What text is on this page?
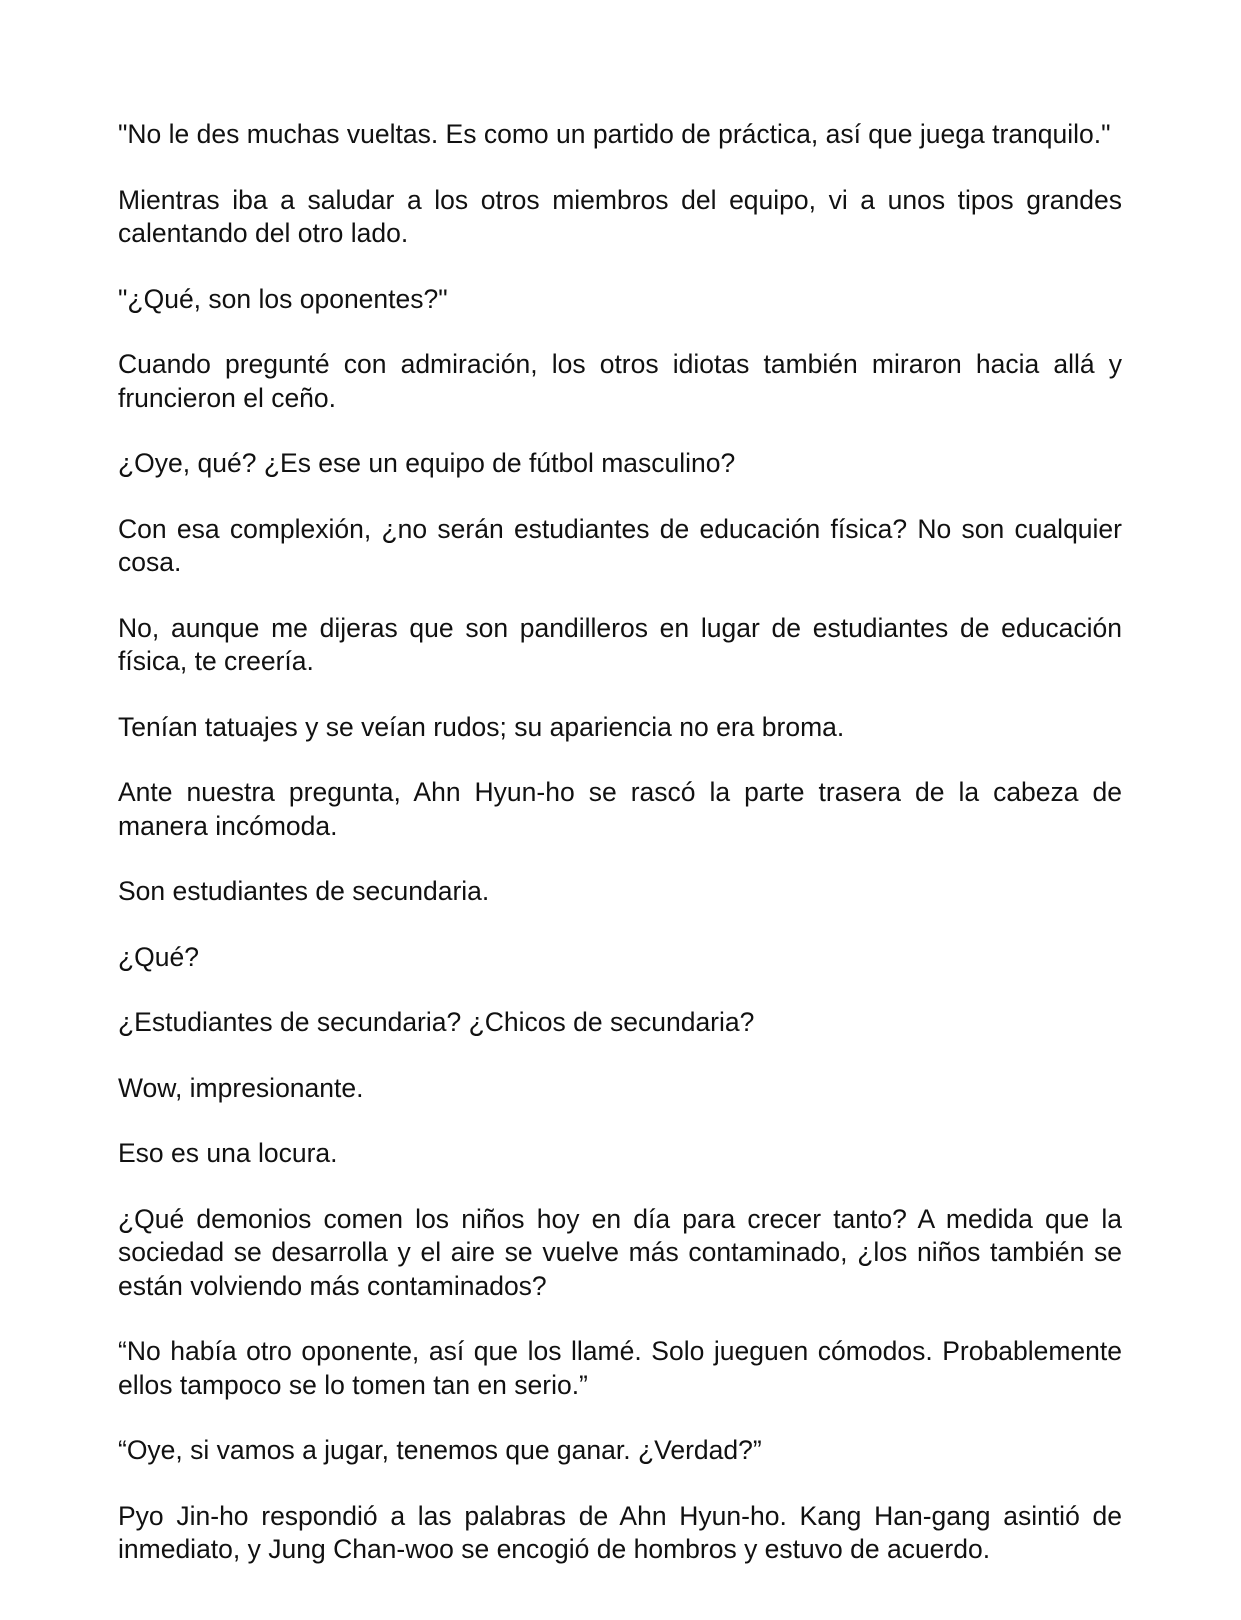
"No le des muchas vueltas. Es como un partido de práctica, así que juega tranquilo."

Mientras iba a saludar a los otros miembros del equipo, vi a unos tipos grandes calentando del otro lado.

"¿Qué, son los oponentes?"

Cuando pregunté con admiración, los otros idiotas también miraron hacia allá y fruncieron el ceño.

¿Oye, qué? ¿Es ese un equipo de fútbol masculino?

Con esa complexión, ¿no serán estudiantes de educación física? No son cualquier cosa.

No, aunque me dijeras que son pandilleros en lugar de estudiantes de educación física, te creería.

Tenían tatuajes y se veían rudos; su apariencia no era broma.

Ante nuestra pregunta, Ahn Hyun-ho se rascó la parte trasera de la cabeza de manera incómoda.

Son estudiantes de secundaria.

¿Qué?

¿Estudiantes de secundaria? ¿Chicos de secundaria?

Wow, impresionante.

Eso es una locura.

¿Qué demonios comen los niños hoy en día para crecer tanto? A medida que la sociedad se desarrolla y el aire se vuelve más contaminado, ¿los niños también se están volviendo más contaminados?

“No había otro oponente, así que los llamé. Solo jueguen cómodos. Probablemente ellos tampoco se lo tomen tan en serio.”

“Oye, si vamos a jugar, tenemos que ganar. ¿Verdad?”

Pyo Jin-ho respondió a las palabras de Ahn Hyun-ho. Kang Han-gang asintió de inmediato, y Jung Chan-woo se encogió de hombros y estuvo de acuerdo.
